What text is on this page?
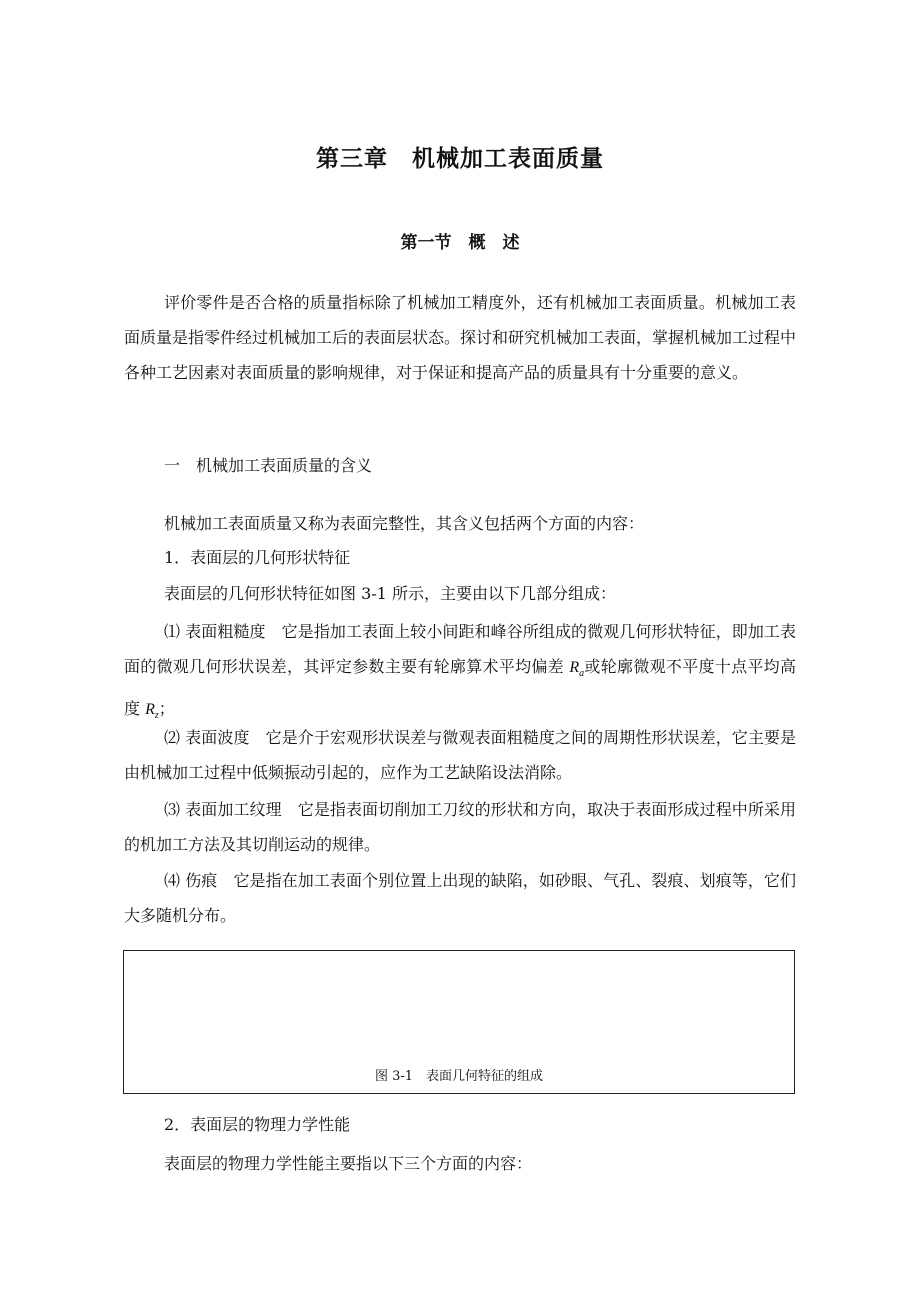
第三章　机械加工表面质量
第一节　概　述

评价零件是否合格的质量指标除了机械加工精度外，还有机械加工表面质量。机械加工表面质量是指零件经过机械加工后的表面层状态。探讨和研究机械加工表面，掌握机械加工过程中各种工艺因素对表面质量的影响规律，对于保证和提高产品的质量具有十分重要的意义。

一　机械加工表面质量的含义

机械加工表面质量又称为表面完整性，其含义包括两个方面的内容：

1．表面层的几何形状特征

表面层的几何形状特征如图 3-1 所示，主要由以下几部分组成：

⑴ 表面粗糙度　它是指加工表面上较小间距和峰谷所组成的微观几何形状特征，即加工表面的微观几何形状误差，其评定参数主要有轮廓算术平均偏差 $R_a$或轮廓微观不平度十点平均高度 $R_z$；

⑵ 表面波度　它是介于宏观形状误差与微观表面粗糙度之间的周期性形状误差，它主要是由机械加工过程中低频振动引起的，应作为工艺缺陷设法消除。

⑶ 表面加工纹理　它是指表面切削加工刀纹的形状和方向，取决于表面形成过程中所采用的机加工方法及其切削运动的规律。

⑷ 伤痕　它是指在加工表面个别位置上出现的缺陷，如砂眼、气孔、裂痕、划痕等，它们大多随机分布。

图 3-1　表面几何特征的组成

2．表面层的物理力学性能

表面层的物理力学性能主要指以下三个方面的内容：
